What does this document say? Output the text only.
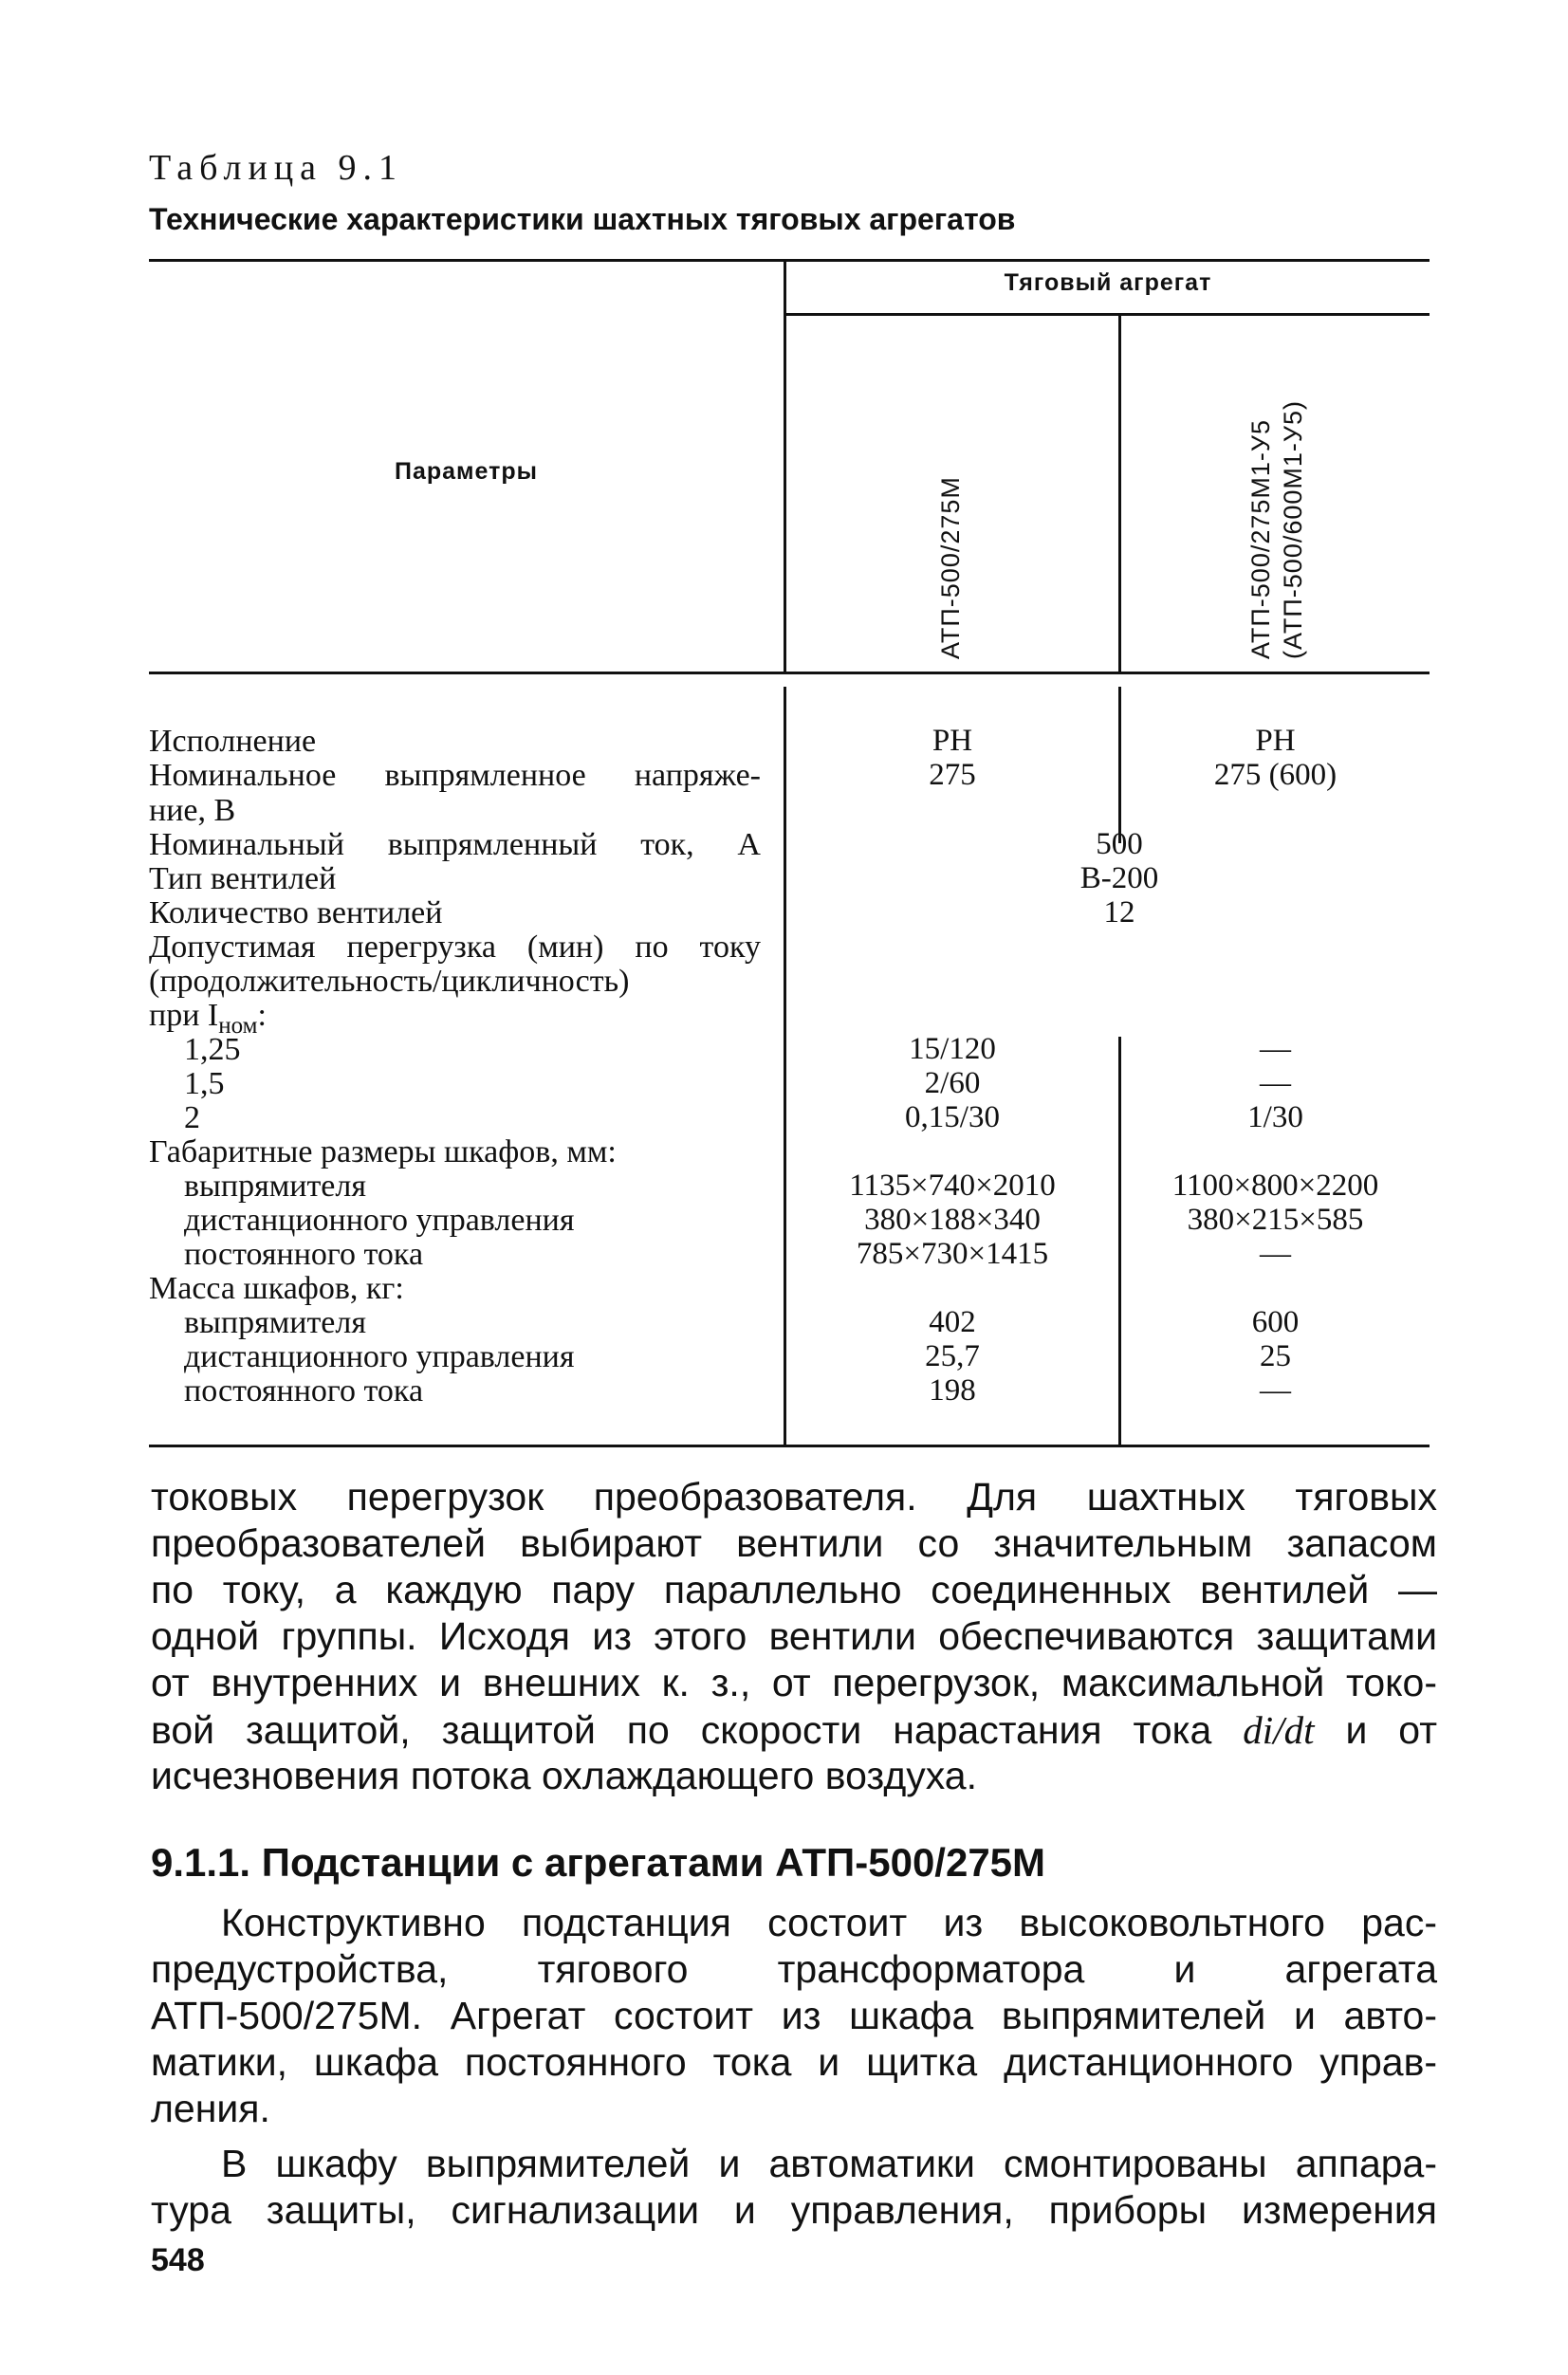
Таблица 9.1
Технические характеристики шахтных тяговых агрегатов
Тяговый агрегат
Параметры
АТП-500/275М	АТП-500/275М1-У5 (АТП-500/600М1-У5)
Исполнение
Номинальное выпрямленное напряже-
ние, В
Номинальный выпрямленный ток, А
Тип вентилей
Количество вентилей
Допустимая перегрузка (мин) по току
(продолжительность/цикличность)
при $I_{ном}$:
1,25
1,5
2
Габаритные размеры шкафов, мм:
выпрямителя
дистанционного управления
постоянного тока
Масса шкафов, кг:
выпрямителя
дистанционного управления
постоянного тока
РН
275
15/120
2/60
0,15/30
1135×740×2010
380×188×340
785×730×1415
402
25,7
198
500
В-200
12
РН
275 (600)
—
—
1/30
1100×800×2200
380×215×585
—
600
25
—
токовых перегрузок преобразователя. Для шахтных тяговых
преобразователей выбирают вентили со значительным запасом
по току, а каждую пару параллельно соединенных вентилей —
одной группы. Исходя из этого вентили обеспечиваются защитами
от внутренних и внешних к. з., от перегрузок, максимальной токо-
вой защитой, защитой по скорости нарастания тока di/dt и от
исчезновения потока охлаждающего воздуха.
9.1.1. Подстанции с агрегатами АТП-500/275М
Конструктивно подстанция состоит из высоковольтного рас-
предустройства, тягового трансформатора и агрегата
АТП-500/275М. Агрегат состоит из шкафа выпрямителей и авто-
матики, шкафа постоянного тока и щитка дистанционного управ-
ления.
В шкафу выпрямителей и автоматики смонтированы аппара-
тура защиты, сигнализации и управления, приборы измерения
548
